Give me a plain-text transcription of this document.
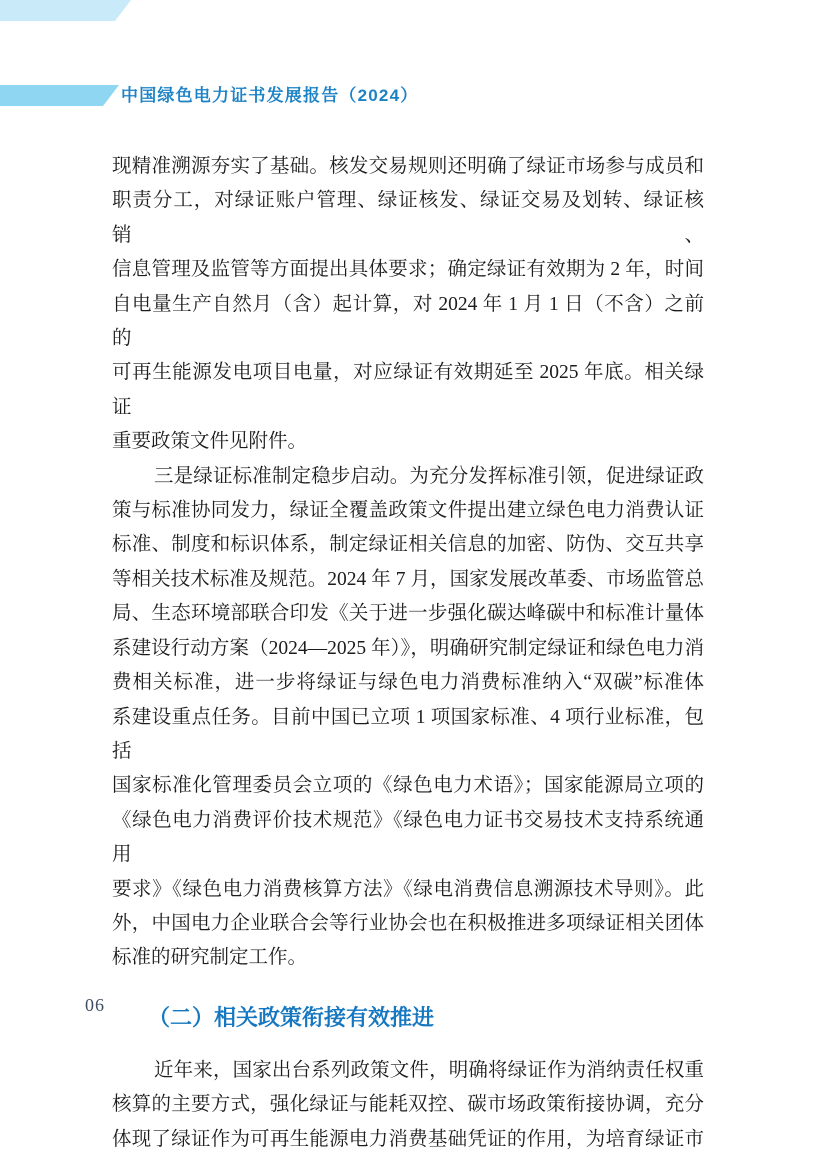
中国绿色电力证书发展报告（2024）
现精准溯源夯实了基础。核发交易规则还明确了绿证市场参与成员和
职责分工，对绿证账户管理、绿证核发、绿证交易及划转、绿证核销、
信息管理及监管等方面提出具体要求；确定绿证有效期为 2 年，时间
自电量生产自然月（含）起计算，对 2024 年 1 月 1 日（不含）之前的
可再生能源发电项目电量，对应绿证有效期延至 2025 年底。相关绿证
重要政策文件见附件。
三是绿证标准制定稳步启动。为充分发挥标准引领，促进绿证政
策与标准协同发力，绿证全覆盖政策文件提出建立绿色电力消费认证
标准、制度和标识体系，制定绿证相关信息的加密、防伪、交互共享
等相关技术标准及规范。2024 年 7 月，国家发展改革委、市场监管总
局、生态环境部联合印发《关于进一步强化碳达峰碳中和标准计量体
系建设行动方案（2024—2025 年）》，明确研究制定绿证和绿色电力消
费相关标准，进一步将绿证与绿色电力消费标准纳入“双碳”标准体
系建设重点任务。目前中国已立项 1 项国家标准、4 项行业标准，包括
国家标准化管理委员会立项的《绿色电力术语》；国家能源局立项的
《绿色电力消费评价技术规范》《绿色电力证书交易技术支持系统通用
要求》《绿色电力消费核算方法》《绿电消费信息溯源技术导则》。此
外，中国电力企业联合会等行业协会也在积极推进多项绿证相关团体
标准的研究制定工作。
（二）相关政策衔接有效推进
近年来，国家出台系列政策文件，明确将绿证作为消纳责任权重
核算的主要方式，强化绿证与能耗双控、碳市场政策衔接协调，充分
体现了绿证作为可再生能源电力消费基础凭证的作用，为培育绿证市
06
